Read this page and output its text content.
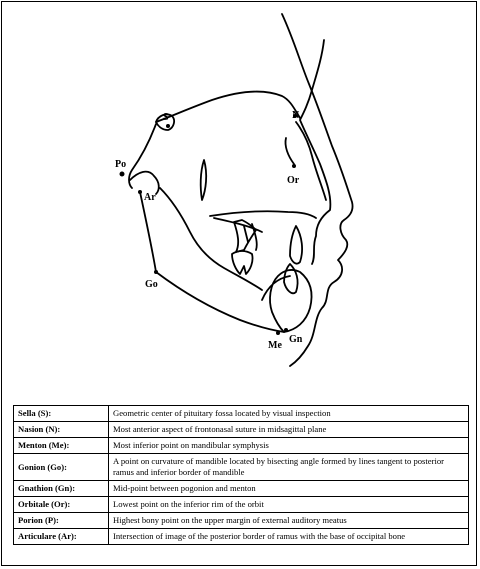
S	N
Or
Po
Ar
Go
Me
Gn
Sella (S):	Geometric center of pituitary fossa located by visual inspection
Nasion (N):	Most anterior aspect of frontonasal suture in midsagittal plane
Menton (Me):	Most inferior point on mandibular symphysis
Gonion (Go):	A point on curvature of mandible located by bisecting angle formed by lines tangent to posterior ramus and inferior border of mandible
Gnathion (Gn):	Mid-point between pogonion and menton
Orbitale (Or):	Lowest point on the inferior rim of the orbit
Porion (P):	Highest bony point on the upper margin of external auditory meatus
Articulare (Ar):	Intersection of image of the posterior border of ramus with the base of occipital bone
